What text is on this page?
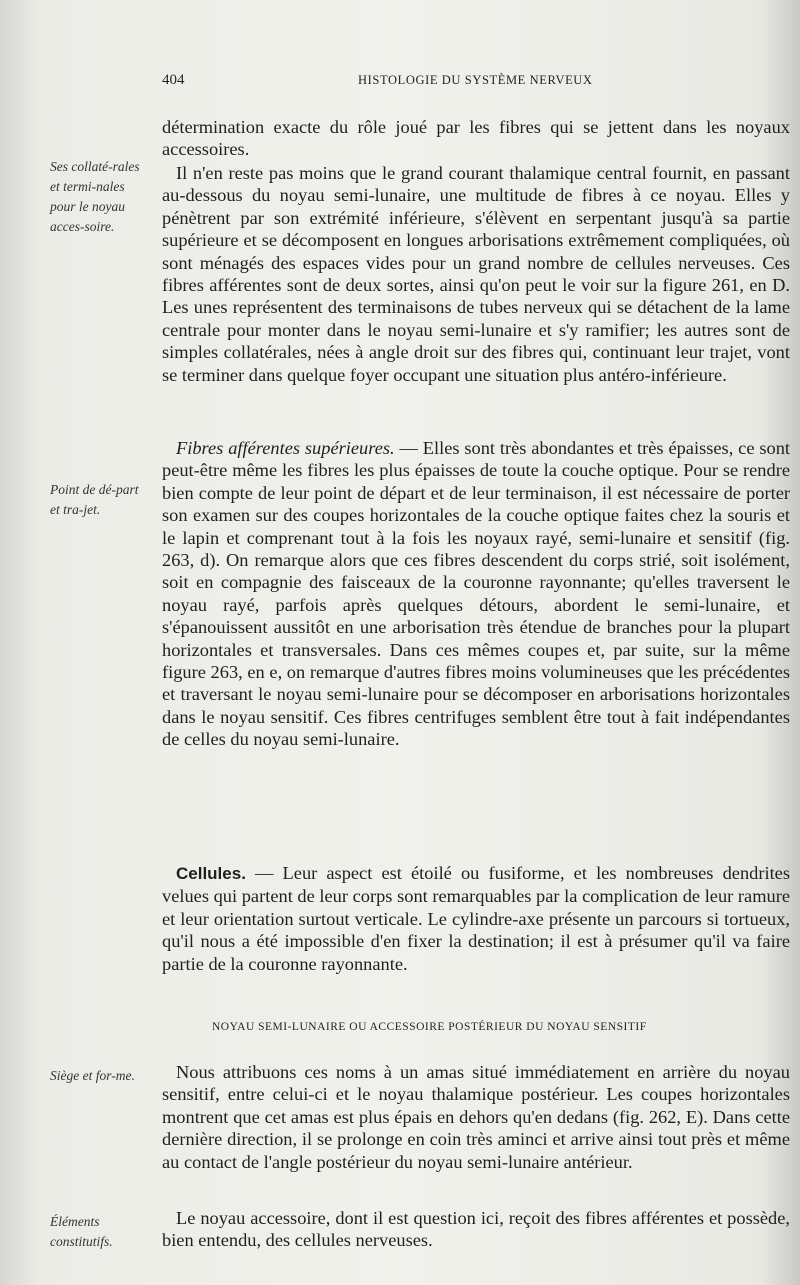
404	HISTOLOGIE DU SYSTÈME NERVEUX
Ses collaté-rales et termi-nales pour le noyau acces-soire.
Point de dé-part et tra-jet.
Siège et for-me.
Éléments constitutifs.

détermination exacte du rôle joué par les fibres qui se jettent dans les noyaux accessoires.

Il n'en reste pas moins que le grand courant thalamique central fournit, en passant au-dessous du noyau semi-lunaire, une multitude de fibres à ce noyau. Elles y pénètrent par son extrémité inférieure, s'élèvent en serpentant jusqu'à sa partie supérieure et se décomposent en longues arborisations extrêmement compliquées, où sont ménagés des espaces vides pour un grand nombre de cellules nerveuses. Ces fibres afférentes sont de deux sortes, ainsi qu'on peut le voir sur la figure 261, en D. Les unes représentent des terminaisons de tubes nerveux qui se détachent de la lame centrale pour monter dans le noyau semi-lunaire et s'y ramifier; les autres sont de simples collatérales, nées à angle droit sur des fibres qui, continuant leur trajet, vont se terminer dans quelque foyer occupant une situation plus antéro-inférieure.

Fibres afférentes supérieures. — Elles sont très abondantes et très épaisses, ce sont peut-être même les fibres les plus épaisses de toute la couche optique. Pour se rendre bien compte de leur point de départ et de leur terminaison, il est nécessaire de porter son examen sur des coupes horizontales de la couche optique faites chez la souris et le lapin et comprenant tout à la fois les noyaux rayé, semi-lunaire et sensitif (fig. 263, d). On remarque alors que ces fibres descendent du corps strié, soit isolément, soit en compagnie des faisceaux de la couronne rayonnante; qu'elles traversent le noyau rayé, parfois après quelques détours, abordent le semi-lunaire, et s'épanouissent aussitôt en une arborisation très étendue de branches pour la plupart horizontales et transversales. Dans ces mêmes coupes et, par suite, sur la même figure 263, en e, on remarque d'autres fibres moins volumineuses que les précédentes et traversant le noyau semi-lunaire pour se décomposer en arborisations horizontales dans le noyau sensitif. Ces fibres centrifuges semblent être tout à fait indépendantes de celles du noyau semi-lunaire.

Cellules. — Leur aspect est étoilé ou fusiforme, et les nombreuses dendrites velues qui partent de leur corps sont remarquables par la complication de leur ramure et leur orientation surtout verticale. Le cylindre-axe présente un parcours si tortueux, qu'il nous a été impossible d'en fixer la destination; il est à présumer qu'il va faire partie de la couronne rayonnante.

NOYAU SEMI-LUNAIRE OU ACCESSOIRE POSTÉRIEUR DU NOYAU SENSITIF

Nous attribuons ces noms à un amas situé immédiatement en arrière du noyau sensitif, entre celui-ci et le noyau thalamique postérieur. Les coupes horizontales montrent que cet amas est plus épais en dehors qu'en dedans (fig. 262, E). Dans cette dernière direction, il se prolonge en coin très aminci et arrive ainsi tout près et même au contact de l'angle postérieur du noyau semi-lunaire antérieur.

Le noyau accessoire, dont il est question ici, reçoit des fibres afférentes et possède, bien entendu, des cellules nerveuses.
